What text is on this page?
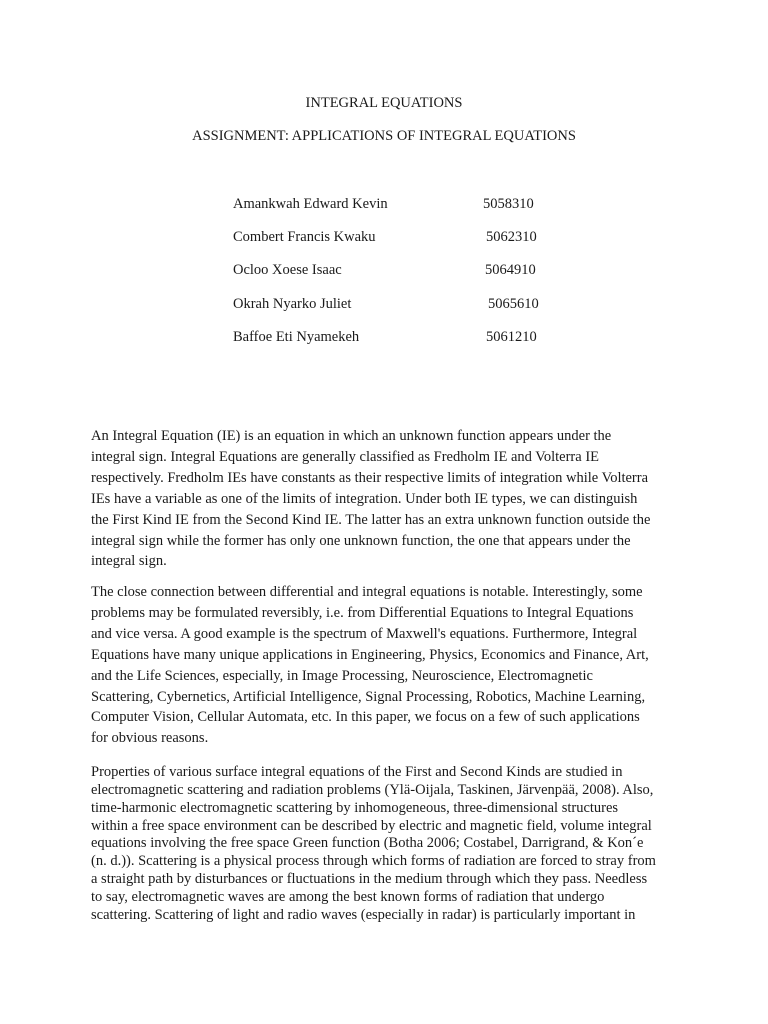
INTEGRAL EQUATIONS
ASSIGNMENT: APPLICATIONS OF INTEGRAL EQUATIONS
Amankwah Edward Kevin	5058310
Combert Francis Kwaku	5062310
Ocloo Xoese Isaac	5064910
Okrah Nyarko Juliet	5065610
Baffoe Eti Nyamekeh	5061210
An Integral Equation (IE) is an equation in which an unknown function appears under the
integral sign. Integral Equations are generally classified as Fredholm IE and Volterra IE
respectively. Fredholm IEs have constants as their respective limits of integration while Volterra
IEs have a variable as one of the limits of integration. Under both IE types, we can distinguish
the First Kind IE from the Second Kind IE. The latter has an extra unknown function outside the
integral sign while the former has only one unknown function, the one that appears under the
integral sign.
The close connection between differential and integral equations is notable. Interestingly, some
problems may be formulated reversibly, i.e. from Differential Equations to Integral Equations
and vice versa. A good example is the spectrum of Maxwell's equations. Furthermore, Integral
Equations have many unique applications in Engineering, Physics, Economics and Finance, Art,
and the Life Sciences, especially, in Image Processing, Neuroscience, Electromagnetic
Scattering, Cybernetics, Artificial Intelligence, Signal Processing, Robotics, Machine Learning,
Computer Vision, Cellular Automata, etc. In this paper, we focus on a few of such applications
for obvious reasons.
Properties of various surface integral equations of the First and Second Kinds are studied in
electromagnetic scattering and radiation problems (Ylä-Oijala, Taskinen, Järvenpää, 2008). Also,
time-harmonic electromagnetic scattering by inhomogeneous, three-dimensional structures
within a free space environment can be described by electric and magnetic field, volume integral
equations involving the free space Green function (Botha 2006; Costabel, Darrigrand, & Kon´e
(n. d.)). Scattering is a physical process through which forms of radiation are forced to stray from
a straight path by disturbances or fluctuations in the medium through which they pass. Needless
to say, electromagnetic waves are among the best known forms of radiation that undergo
scattering. Scattering of light and radio waves (especially in radar) is particularly important in
